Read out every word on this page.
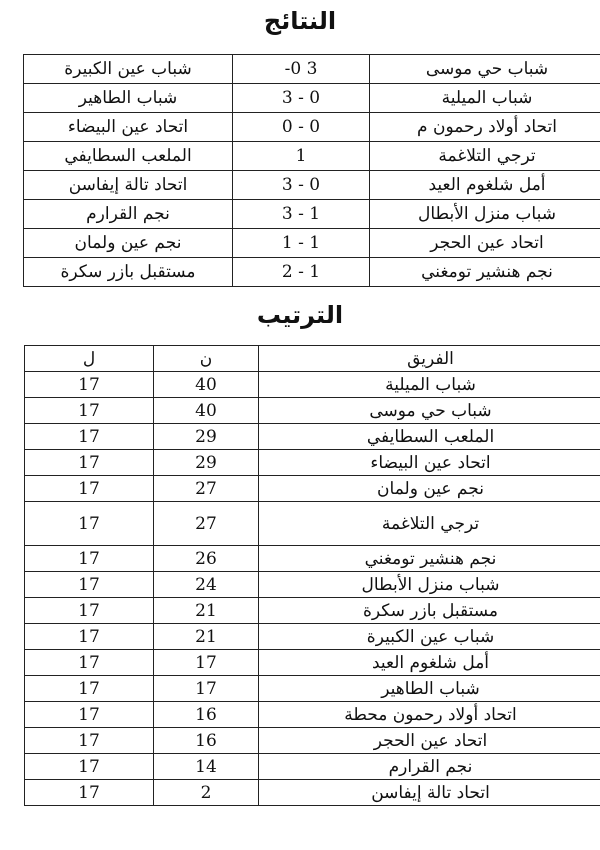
النتائج
شباب عين الكبيرة	3 0-	شباب حي موسى
شباب الطاهير	3 - 0	شباب الميلية
اتحاد عين البيضاء	0 - 0	اتحاد أولاد رحمون م
الملعب السطايفي	1	ترجي التلاغمة
اتحاد تالة إيفاسن	3 - 0	أمل شلغوم العيد
نجم القرارم	3 - 1	شباب منزل الأبطال
نجم عين ولمان	1 - 1	اتحاد عين الحجر
مستقبل بازر سكرة	2 - 1	نجم هنشير تومغني
الترتيب
ل	ن	الفريق
17	40	شباب الميلية
17	40	شباب حي موسى
17	29	الملعب السطايفي
17	29	اتحاد عين البيضاء
17	27	نجم عين ولمان
17	27	ترجي التلاغمة
17	26	نجم هنشير تومغني
17	24	شباب منزل الأبطال
17	21	مستقبل بازر سكرة
17	21	شباب عين الكبيرة
17	17	أمل شلغوم العيد
17	17	شباب الطاهير
17	16	اتحاد أولاد رحمون محطة
17	16	اتحاد عين الحجر
17	14	نجم القرارم
17	2	اتحاد تالة إيفاسن
